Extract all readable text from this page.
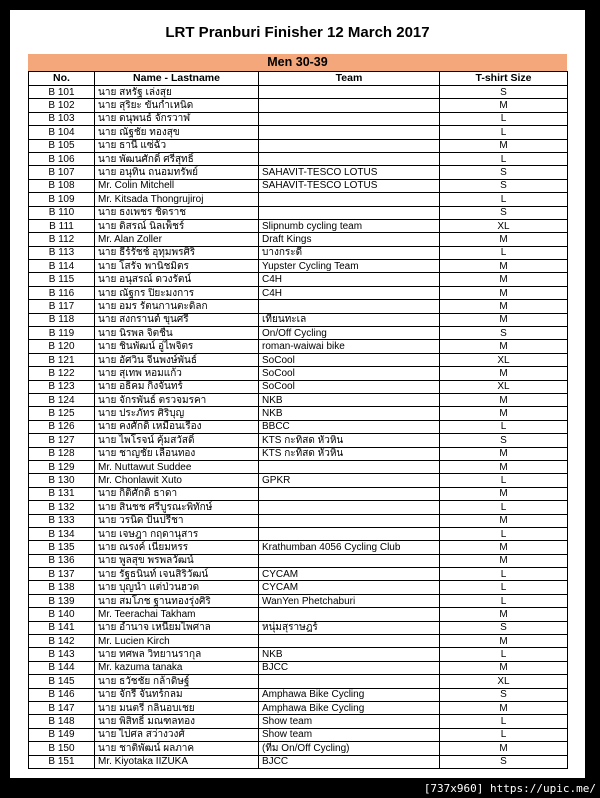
LRT Pranburi Finisher 12 March 2017
Men 30-39
No.	Name - Lastname	Team	T-shirt Size
B 101	นาย สหรัฐ เล่งสุย		S
B 102	นาย สุริยะ ขันกำเหนิด		M
B 103	นาย ดนุพนธ์ จักรวาฬ		L
B 104	นาย ณัฐชัย ทองสุข		L
B 105	นาย ธานี แซ่ฉั่ว		M
B 106	นาย พัฒนศักดิ์ ศรีสุทธิ์		L
B 107	นาย อนุทิน ถนอมทรัพย์	SAHAVIT-TESCO LOTUS	S
B 108	Mr. Colin Mitchell	SAHAVIT-TESCO LOTUS	S
B 109	Mr. Kitsada Thongrujiroj		L
B 110	นาย ธงเพชร ชิดราช		S
B 111	นาย ดิสรณ์ นิลเพ็ชร์	Slipnumb cycling team	XL
B 112	Mr. Alan Zoller	Draft Kings	M
B 113	นาย ธีร์รัชช์ อุทุมพรศิริ	บางกระดี่	L
B 114	นาย โสรัจ พานิชมิตร	Yupster Cycling Team	M
B 115	นาย อนุสรณ์ ดวงรัตน์	C4H	M
B 116	นาย ณัฐกร ปิยะมงการ	C4H	M
B 117	นาย อมร รัตนกานตะดิลก		M
B 118	นาย สงกรานต์ ขุนศรี	เทียนทะเล	M
B 119	นาย นิรพล จิตชื่น	On/Off Cycling	S
B 120	นาย ชินพัฒน์ อู่ไพจิตร	roman-waiwai bike	M
B 121	นาย อัศวิน จีนพงษ์พันธ์	SoCool	XL
B 122	นาย สุเทพ หอมแก้ว	SoCool	M
B 123	นาย อธิคม กิ่งจันทร์	SoCool	XL
B 124	นาย จักรพันธ์ ตรวจมรคา	NKB	M
B 125	นาย ประภัทร ศิริบุญ	NKB	M
B 126	นาย คงศักดิ์ เหมือนเรือง	BBCC	L
B 127	นาย ไพโรจน์ คุ้มสวัสดิ์	KTS กะทิสด หัวหิน	S
B 128	นาย ชาญชัย เลื่อนทอง	KTS กะทิสด หัวหิน	M
B 129	Mr. Nuttawut Suddee		M
B 130	Mr. Chonlawit Xuto	GPKR	L
B 131	นาย กิติศักดิ์ ธาดา		M
B 132	นาย สินชช ศรีบูรณะพิทักษ์		L
B 133	นาย วรนิด ปั้นปรีชา		M
B 134	นาย เจษฎา กฤดานุสาร		L
B 135	นาย ณรงค์ เนียมหรร	Krathumban 4056 Cycling Club	M
B 136	นาย พูลสุข พรพลวัฒน์		M
B 137	นาย รัฐธนินท์ เจนสิริวัฒน์	CYCAM	L
B 138	นาย บุญนำ แต่ป่วนฮวด	CYCAM	L
B 139	นาย สมโภช ฐานทองรุ่งศิริ	WanYen Phetchaburi	L
B 140	Mr. Teerachai Takham		M
B 141	นาย อำนาจ เหนียมไพศาล	หนุ่มสุราษฎร์	S
B 142	Mr. Lucien Kirch		M
B 143	นาย ทศพล วิทยานรากุล	NKB	L
B 144	Mr. kazuma tanaka	BJCC	M
B 145	นาย ธวัชชัย กล้าดิษฐ์		XL
B 146	นาย จักรี จันทร์กลม	Amphawa Bike Cycling	S
B 147	นาย มนตรี กลิ่นอบเชย	Amphawa Bike Cycling	M
B 148	นาย พิสิทธิ์ มณฑลทอง	Show team	L
B 149	นาย ไปศล สว่างวงศ์	Show team	L
B 150	นาย ชาติพัฒน์ ผลภาค	(ทีม On/Off Cycling)	M
B 151	Mr. Kiyotaka IIZUKA	BJCC	S
[737x960] https://upic.me/
